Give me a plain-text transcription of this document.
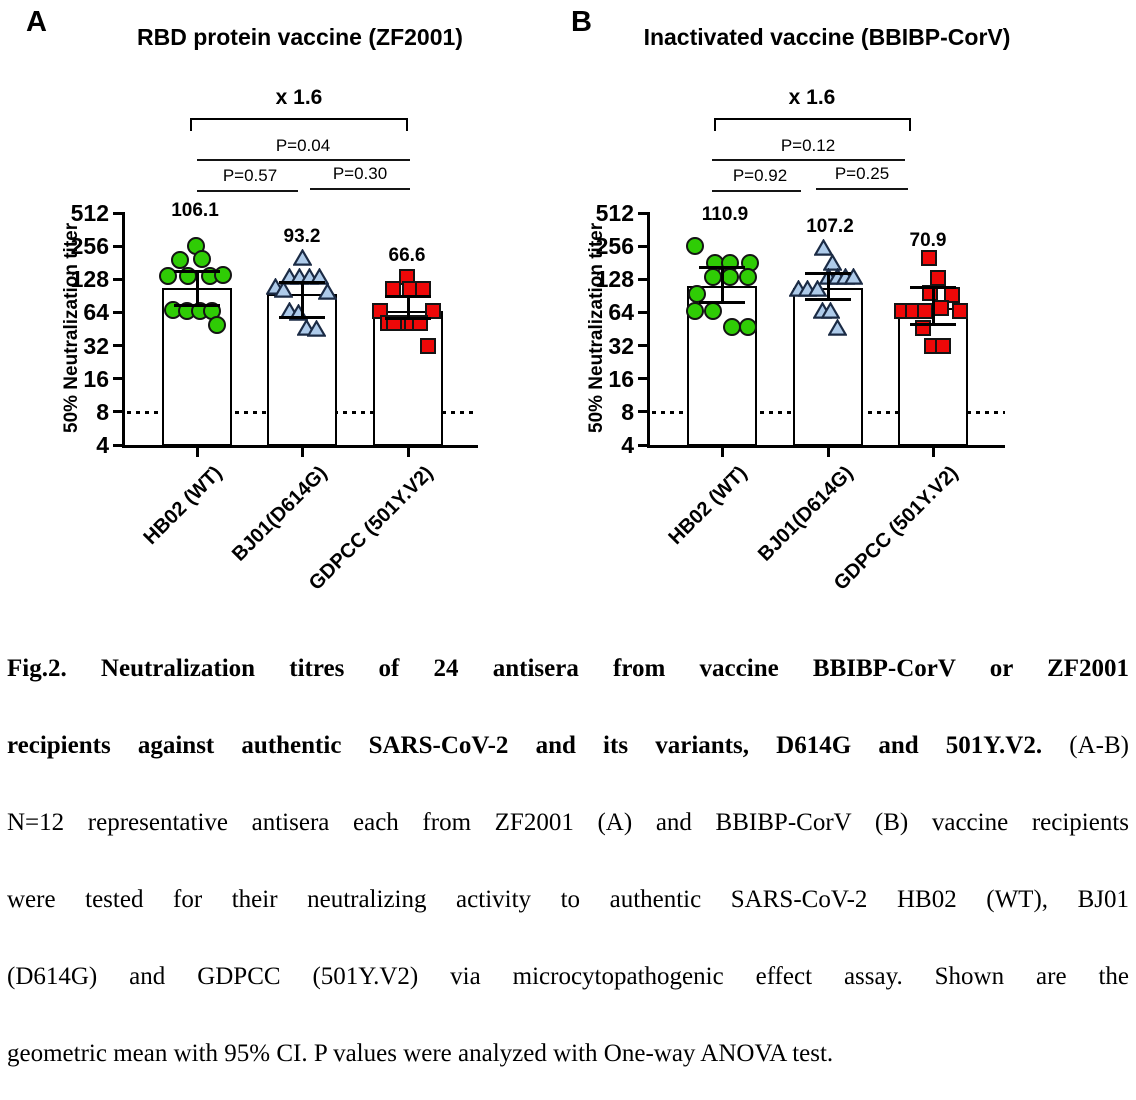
A	RBD protein vaccine (ZF2001)
x 1.6
50% Neutralization titer
B	Inactivated vaccine (BBIBP-CorV)
x 1.6
50% Neutralization titer
512
256
128
64
32
16
8
4
HB02 (WT) BJ01(D614G)
GDPCC (501Y.V2)
106.1
93.2
66.6
P=0.04
P=0.57	P=0.30
512
256
128
64
32
16
8
4
HB02 (WT) BJ01(D614G)
GDPCC (501Y.V2)
110.9
107.2
70.9
P=0.12
P=0.92	P=0.25
Fig.2. Neutralization titres of 24 antisera from vaccine BBIBP-CorV or ZF2001
recipients against authentic SARS-CoV-2 and its variants, D614G and 501Y.V2. (A-B)
N=12 representative antisera each from ZF2001 (A) and BBIBP-CorV (B) vaccine recipients
were tested for their neutralizing activity to authentic SARS-CoV-2 HB02 (WT), BJ01
(D614G) and GDPCC (501Y.V2) via microcytopathogenic effect assay. Shown are the
geometric mean with 95% CI. P values were analyzed with One-way ANOVA test.
